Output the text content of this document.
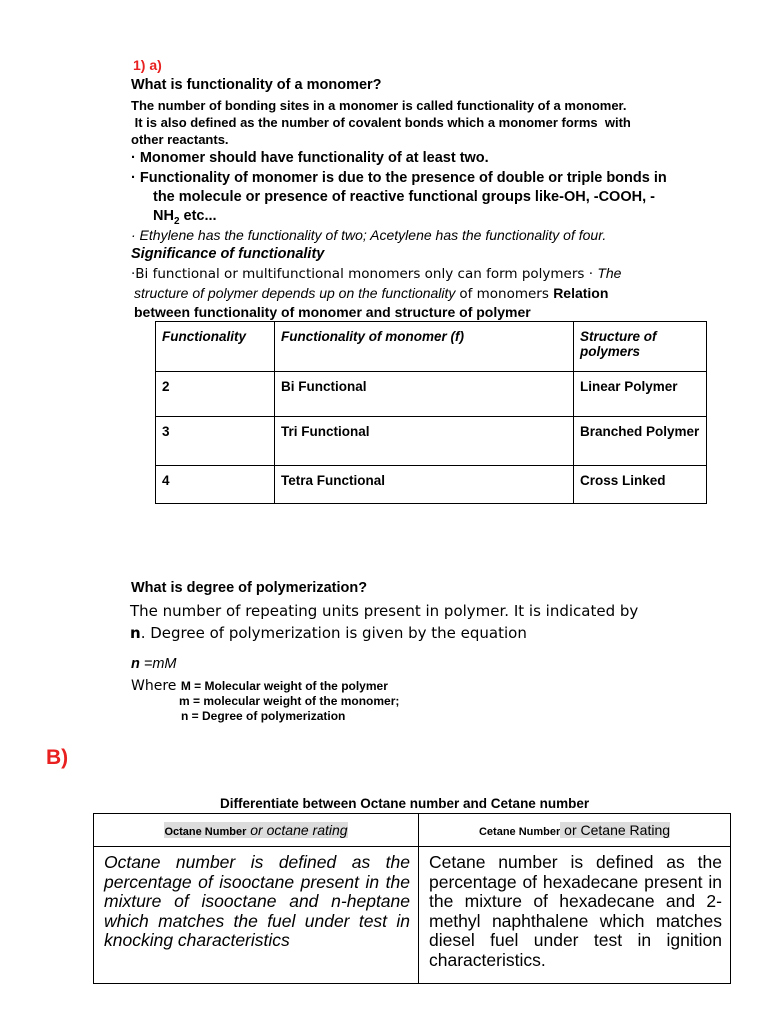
1) a)
What is functionality of a monomer?
The number of bonding sites in a monomer is called functionality of a monomer.
It is also defined as the number of covalent bonds which a monomer forms  with
other reactants.
· Monomer should have functionality of at least two.
· Functionality of monomer is due to the presence of double or triple bonds in
the molecule or presence of reactive functional groups like-OH, -COOH, -
$NH_2$ etc...
· Ethylene has the functionality of two; Acetylene has the functionality of four.
Significance of functionality
·Bi functional or multifunctional monomers only can form polymers · The
structure of polymer depends up on the functionality of monomers Relation
between functionality of monomer and structure of polymer
Functionality	Functionality of monomer (f)	Structure of polymers
2	Bi Functional	Linear Polymer
3	Tri Functional	Branched Polymer
4	Tetra Functional	Cross Linked
What is degree of polymerization?
The number of repeating units present in polymer. It is indicated by
n. Degree of polymerization is given by the equation
n =mM
Where M = Molecular weight of the polymer
m = molecular weight of the monomer;
n = Degree of polymerization
B)
Differentiate between Octane number and Cetane number
Octane Number or octane rating	Cetane Number or Cetane Rating
Octane number is defined as the percentage of isooctane present in the mixture of isooctane and n-heptane which matches the fuel under test in knocking characteristics	Cetane number is defined as the percentage of hexadecane present in the mixture of hexadecane and 2-methyl naphthalene which matches diesel fuel under test in ignition characteristics.
